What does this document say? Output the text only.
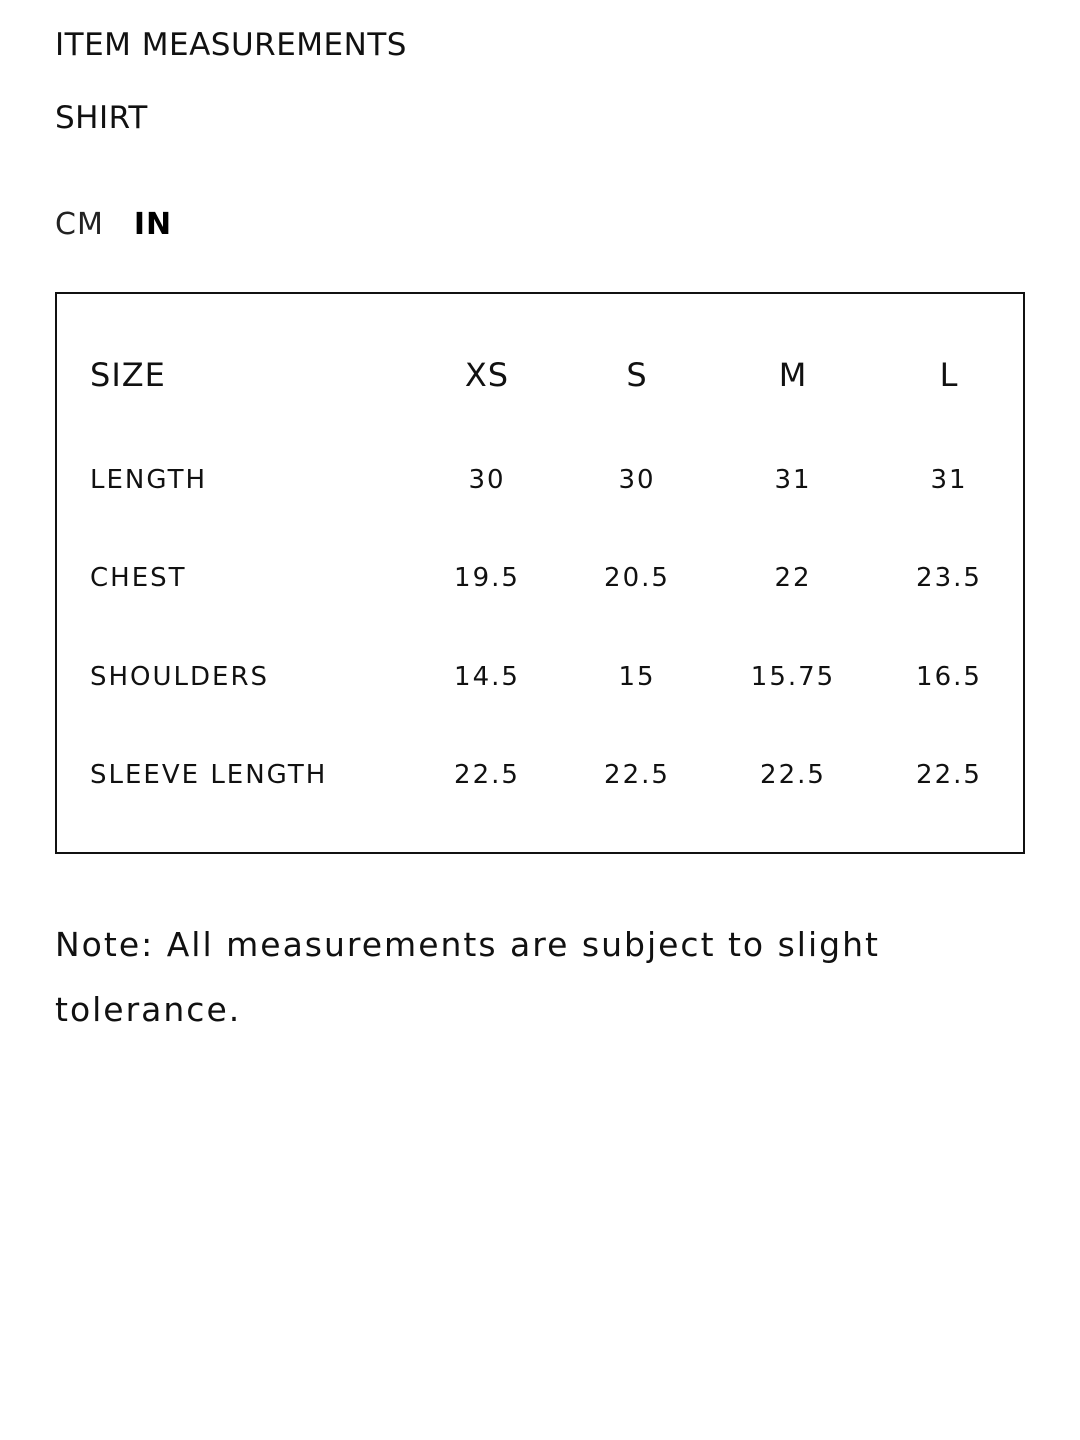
ITEM MEASUREMENTS
SHIRT
CM IN
SIZE	XS	S	M	L
LENGTH	30	30	31	31
CHEST	19.5	20.5	22	23.5
SHOULDERS	14.5	15	15.75	16.5
SLEEVE LENGTH	22.5	22.5	22.5	22.5

Note: All measurements are subject to slight tolerance.
